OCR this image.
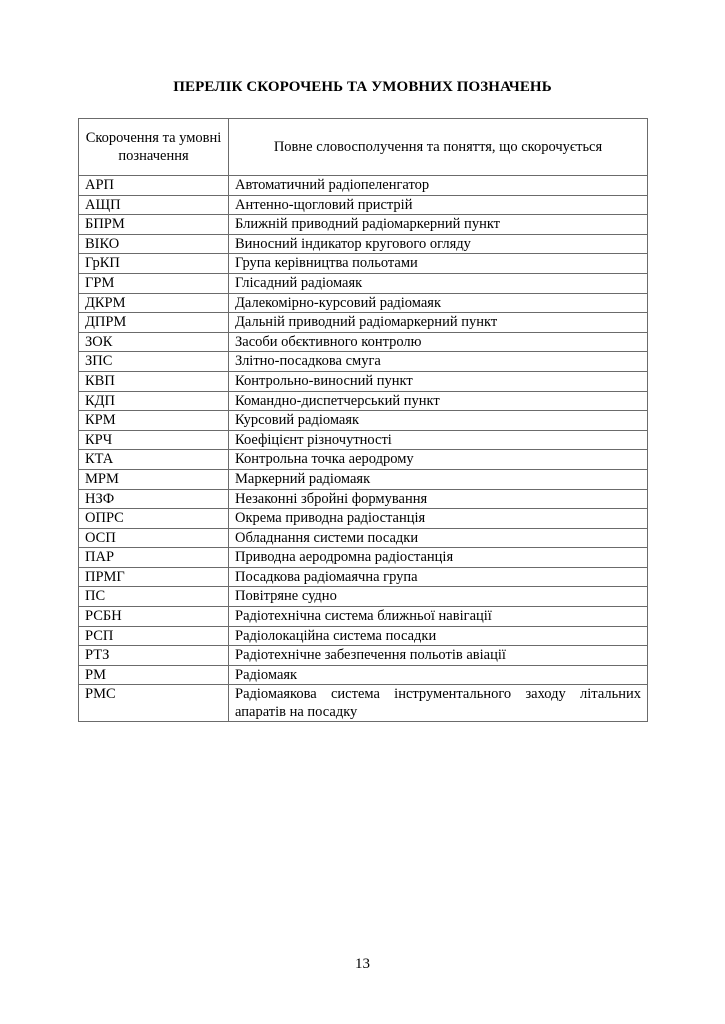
ПЕРЕЛІК СКОРОЧЕНЬ ТА УМОВНИХ ПОЗНАЧЕНЬ
Скорочення та умовні позначення	Повне словосполучення та поняття, що скорочується
АРП	Автоматичний радіопеленгатор
АЩП	Антенно-щогловий пристрій
БПРМ	Ближній приводний радіомаркерний пункт
ВІКО	Виносний індикатор кругового огляду
ГрКП	Група керівництва польотами
ГРМ	Глісадний радіомаяк
ДКРМ	Далекомірно-курсовий радіомаяк
ДПРМ	Дальній приводний радіомаркерний пункт
ЗОК	Засоби обєктивного контролю
ЗПС	Злітно-посадкова смуга
КВП	Контрольно-виносний пункт
КДП	Командно-диспетчерський пункт
КРМ	Курсовий радіомаяк
КРЧ	Коефіцієнт різночутності
КТА	Контрольна точка аеродрому
МРМ	Маркерний радіомаяк
НЗФ	Незаконні збройні формування
ОПРС	Окрема приводна радіостанція
ОСП	Обладнання системи посадки
ПАР	Приводна аеродромна радіостанція
ПРМГ	Посадкова радіомаячна група
ПС	Повітряне судно
РСБН	Радіотехнічна система ближньої навігації
РСП	Радіолокаційна система посадки
РТЗ	Радіотехнічне забезпечення польотів авіації
РМ	Радіомаяк
РМС	Радіомаякова система інструментального заходу літальних апаратів на посадку
13
